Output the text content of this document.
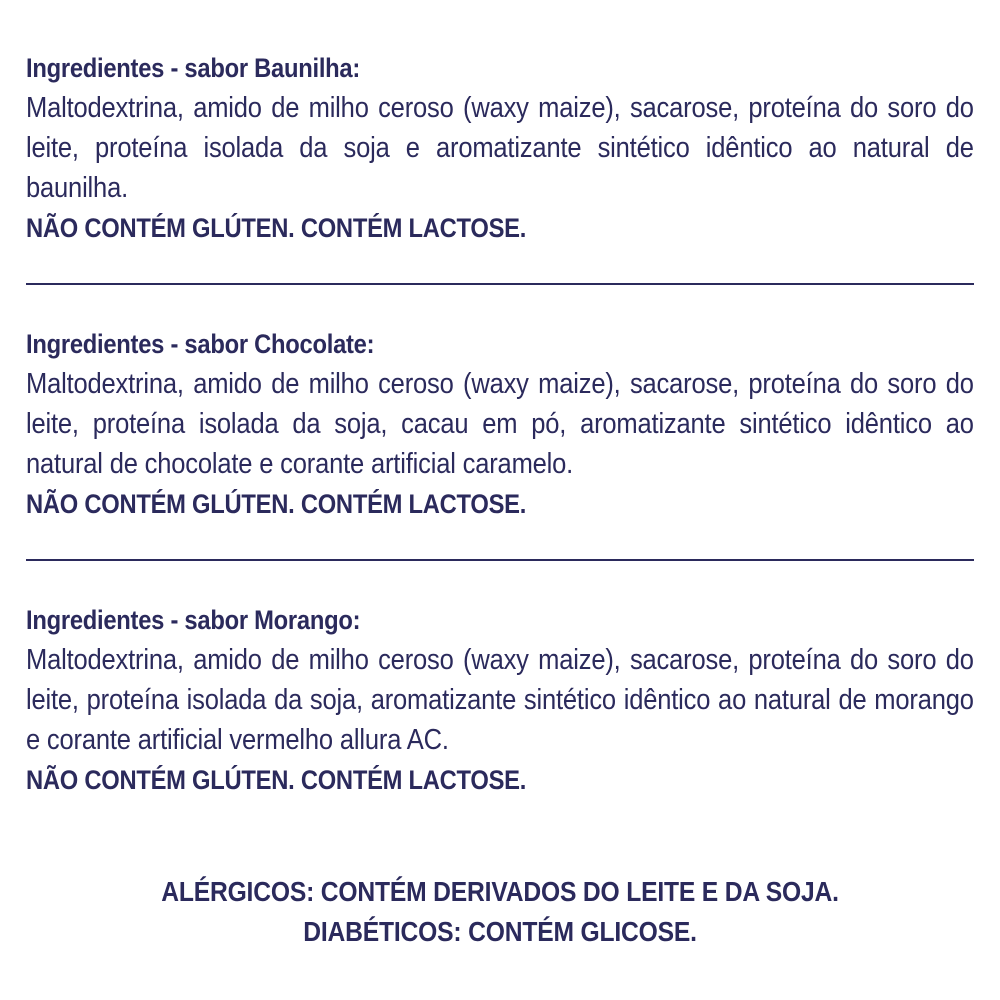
Ingredientes - sabor Baunilha:
Maltodextrina, amido de milho ceroso (waxy maize), sacarose, proteína do soro do leite, proteína isolada da soja e aromatizante sintético idêntico ao natural de baunilha.
NÃO CONTÉM GLÚTEN. CONTÉM LACTOSE.
Ingredientes - sabor Chocolate:
Maltodextrina, amido de milho ceroso (waxy maize), sacarose, proteína do soro do leite, proteína isolada da soja, cacau em pó, aromatizante sintético idêntico ao natural de chocolate e corante artificial caramelo.
NÃO CONTÉM GLÚTEN. CONTÉM LACTOSE.
Ingredientes - sabor Morango:
Maltodextrina, amido de milho ceroso (waxy maize), sacarose, proteína do soro do leite, proteína isolada da soja, aromatizante sintético idêntico ao natural de morango e corante artificial vermelho allura AC.
NÃO CONTÉM GLÚTEN. CONTÉM LACTOSE.
ALÉRGICOS: CONTÉM DERIVADOS DO LEITE E DA SOJA.
DIABÉTICOS: CONTÉM GLICOSE.
